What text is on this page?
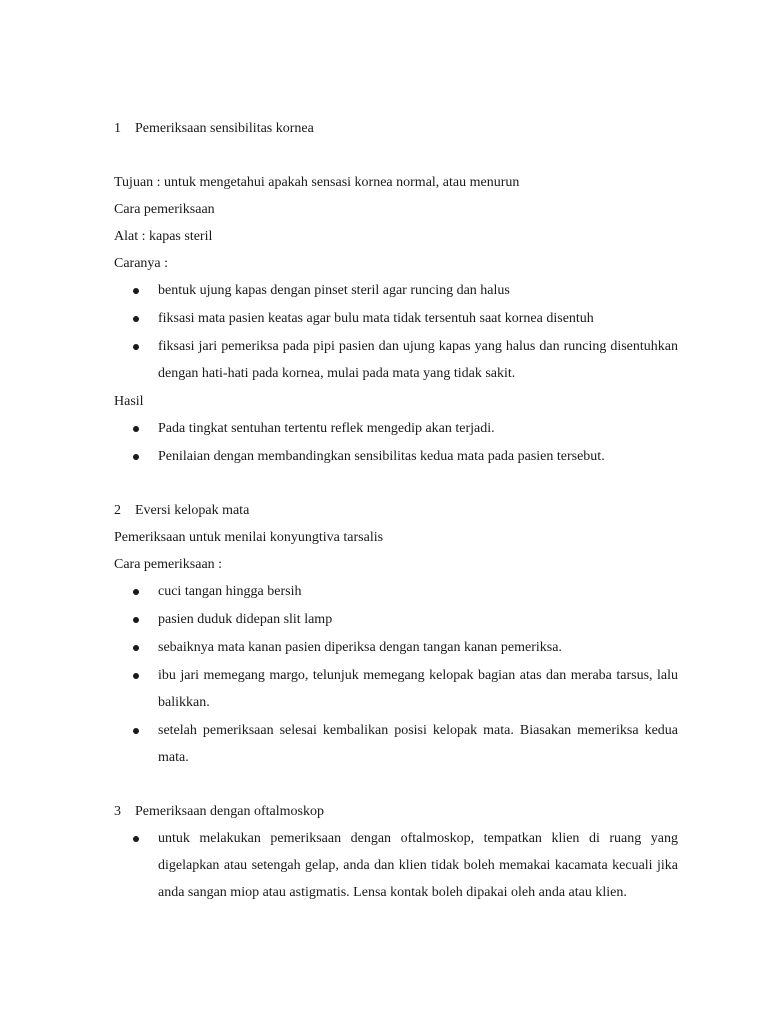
1	Pemeriksaan sensibilitas kornea

Tujuan : untuk mengetahui apakah sensasi kornea normal, atau menurun

Cara pemeriksaan

Alat : kapas steril

Caranya :

bentuk ujung kapas dengan pinset steril agar runcing dan halus
fiksasi mata pasien keatas agar bulu mata tidak tersentuh saat kornea disentuh
fiksasi jari pemeriksa pada pipi pasien dan ujung kapas yang halus dan runcing disentuhkan dengan hati-hati pada kornea, mulai pada mata yang tidak sakit.

Hasil

Pada tingkat sentuhan tertentu reflek mengedip akan terjadi.
Penilaian dengan membandingkan sensibilitas kedua mata pada pasien tersebut.
2	Eversi kelopak mata

Pemeriksaan untuk menilai konyungtiva tarsalis

Cara pemeriksaan :

cuci tangan hingga bersih
pasien duduk didepan slit lamp
sebaiknya mata kanan pasien diperiksa dengan tangan kanan pemeriksa.
ibu jari memegang margo, telunjuk memegang kelopak bagian atas dan meraba tarsus, lalu balikkan.
setelah pemeriksaan selesai kembalikan posisi kelopak mata. Biasakan memeriksa kedua mata.
3	Pemeriksaan dengan oftalmoskop
untuk melakukan pemeriksaan dengan oftalmoskop, tempatkan klien di ruang yang digelapkan atau setengah gelap, anda dan klien tidak boleh memakai kacamata kecuali jika anda sangan miop atau astigmatis. Lensa kontak boleh dipakai oleh anda atau klien.
